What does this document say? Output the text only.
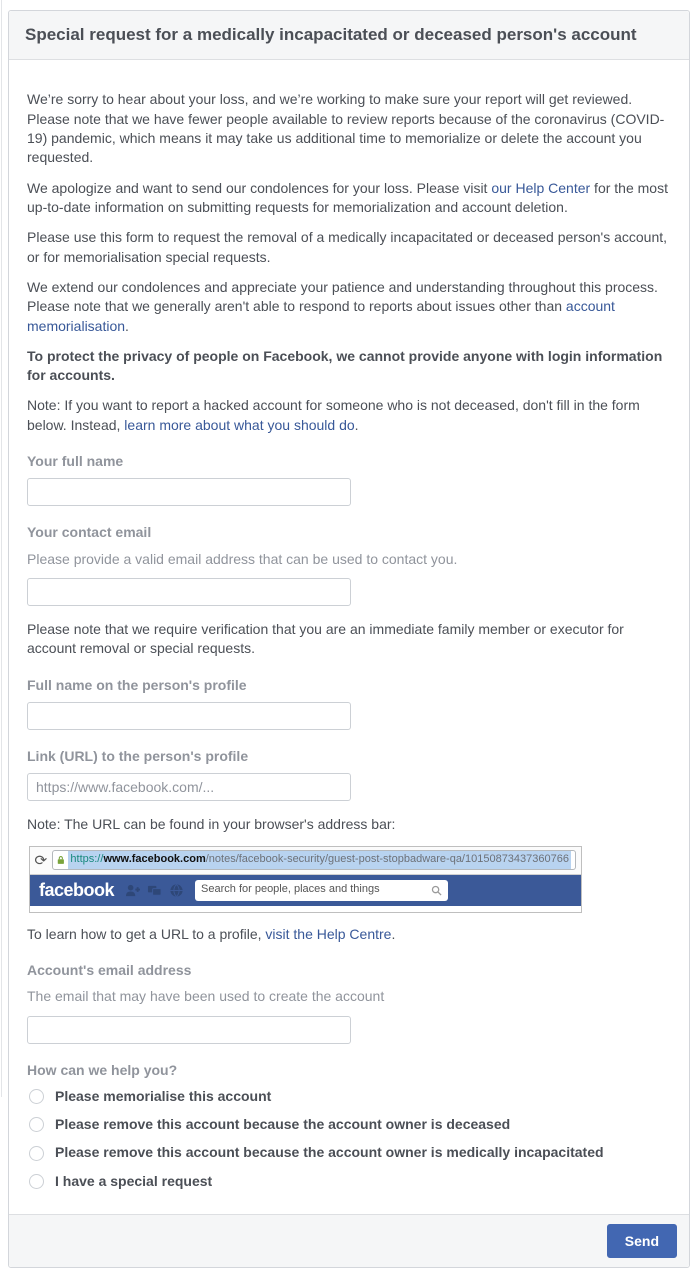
Special request for a medically incapacitated or deceased person's account

We’re sorry to hear about your loss, and we’re working to make sure your report will get reviewed. Please note that we have fewer people available to review reports because of the coronavirus (COVID-19) pandemic, which means it may take us additional time to memorialize or delete the account you requested.

We apologize and want to send our condolences for your loss. Please visit our Help Center for the most up-to-date information on submitting requests for memorialization and account deletion.

Please use this form to request the removal of a medically incapacitated or deceased person's account, or for memorialisation special requests.

We extend our condolences and appreciate your patience and understanding throughout this process. Please note that we generally aren't able to respond to reports about issues other than account memorialisation.

To protect the privacy of people on Facebook, we cannot provide anyone with login information for accounts.

Note: If you want to report a hacked account for someone who is not deceased, don't fill in the form below. Instead, learn more about what you should do.

Your full name
Your contact email
Please provide a valid email address that can be used to contact you.

Please note that we require verification that you are an immediate family member or executor for account removal or special requests.

Full name on the person's profile
Link (URL) to the person's profile
https://www.facebook.com/...

Note: The URL can be found in your browser's address bar:

⟳ https://www.facebook.com/notes/facebook-security/guest-post-stopbadware-qa/10150873437360766
facebook	Search for people, places and things

To learn how to get a URL to a profile, visit the Help Centre.

Account's email address
The email that may have been used to create the account
How can we help you?
Please memorialise this account
Please remove this account because the account owner is deceased
Please remove this account because the account owner is medically incapacitated
I have a special request
Send
